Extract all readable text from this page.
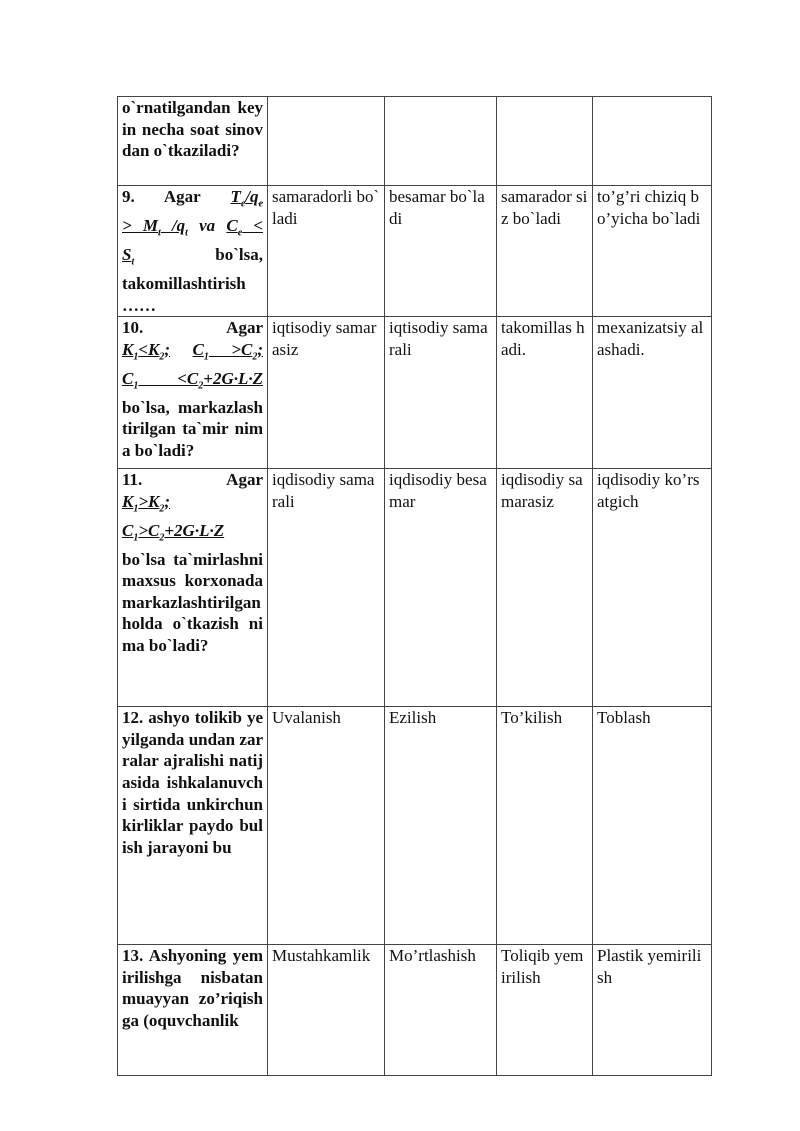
o`rnatilgandan keyin necha soat sinovdan o`tkaziladi?				

9. Agar $T_e/q_e$
> $M_t$ $/q_t$ va $C_e$ <
$S_t$ bo`lsa,
takomillashtirish ……	samaradorli bo`ladi	besamar bo`ladi	samarador siz bo`ladi	to’g’ri chiziq bo’yicha bo`ladi

10. Agar
$K_1<K_2$; $C_1 >C_2$;
$C_1 <C_2+2G\cdot L\cdot Z$
bo`lsa, markazlashtirilgan ta`mir nima bo`ladi?	iqtisodiy samarasiz	iqtisodiy samarali	takomillas hadi.	mexanizatsiy alashadi.

11. Agar
$K_1>K_2$;
$C_1>C_2+2G\cdot L\cdot Z$
bo`lsa ta`mirlashni maxsus korxonada markazlashtirilgan holda o`tkazish nima bo`ladi?	iqdisodiy samarali	iqdisodiy besamar	iqdisodiy samarasiz	iqdisodiy ko’rsatgich
12. ashyo tolikib yeyilganda undan zarralar ajralishi natijasida ishkalanuvchi sirtida unkirchunkirliklar paydo bulish jarayoni bu	Uvalanish	Ezilish	To’kilish	Toblash
13. Ashyoning yemirilishga nisbatan muayyan zo’riqishga (oquvchanlik	Mustahkamlik	Mo’rtlashish	Toliqib yemirilish	Plastik yemirilish
